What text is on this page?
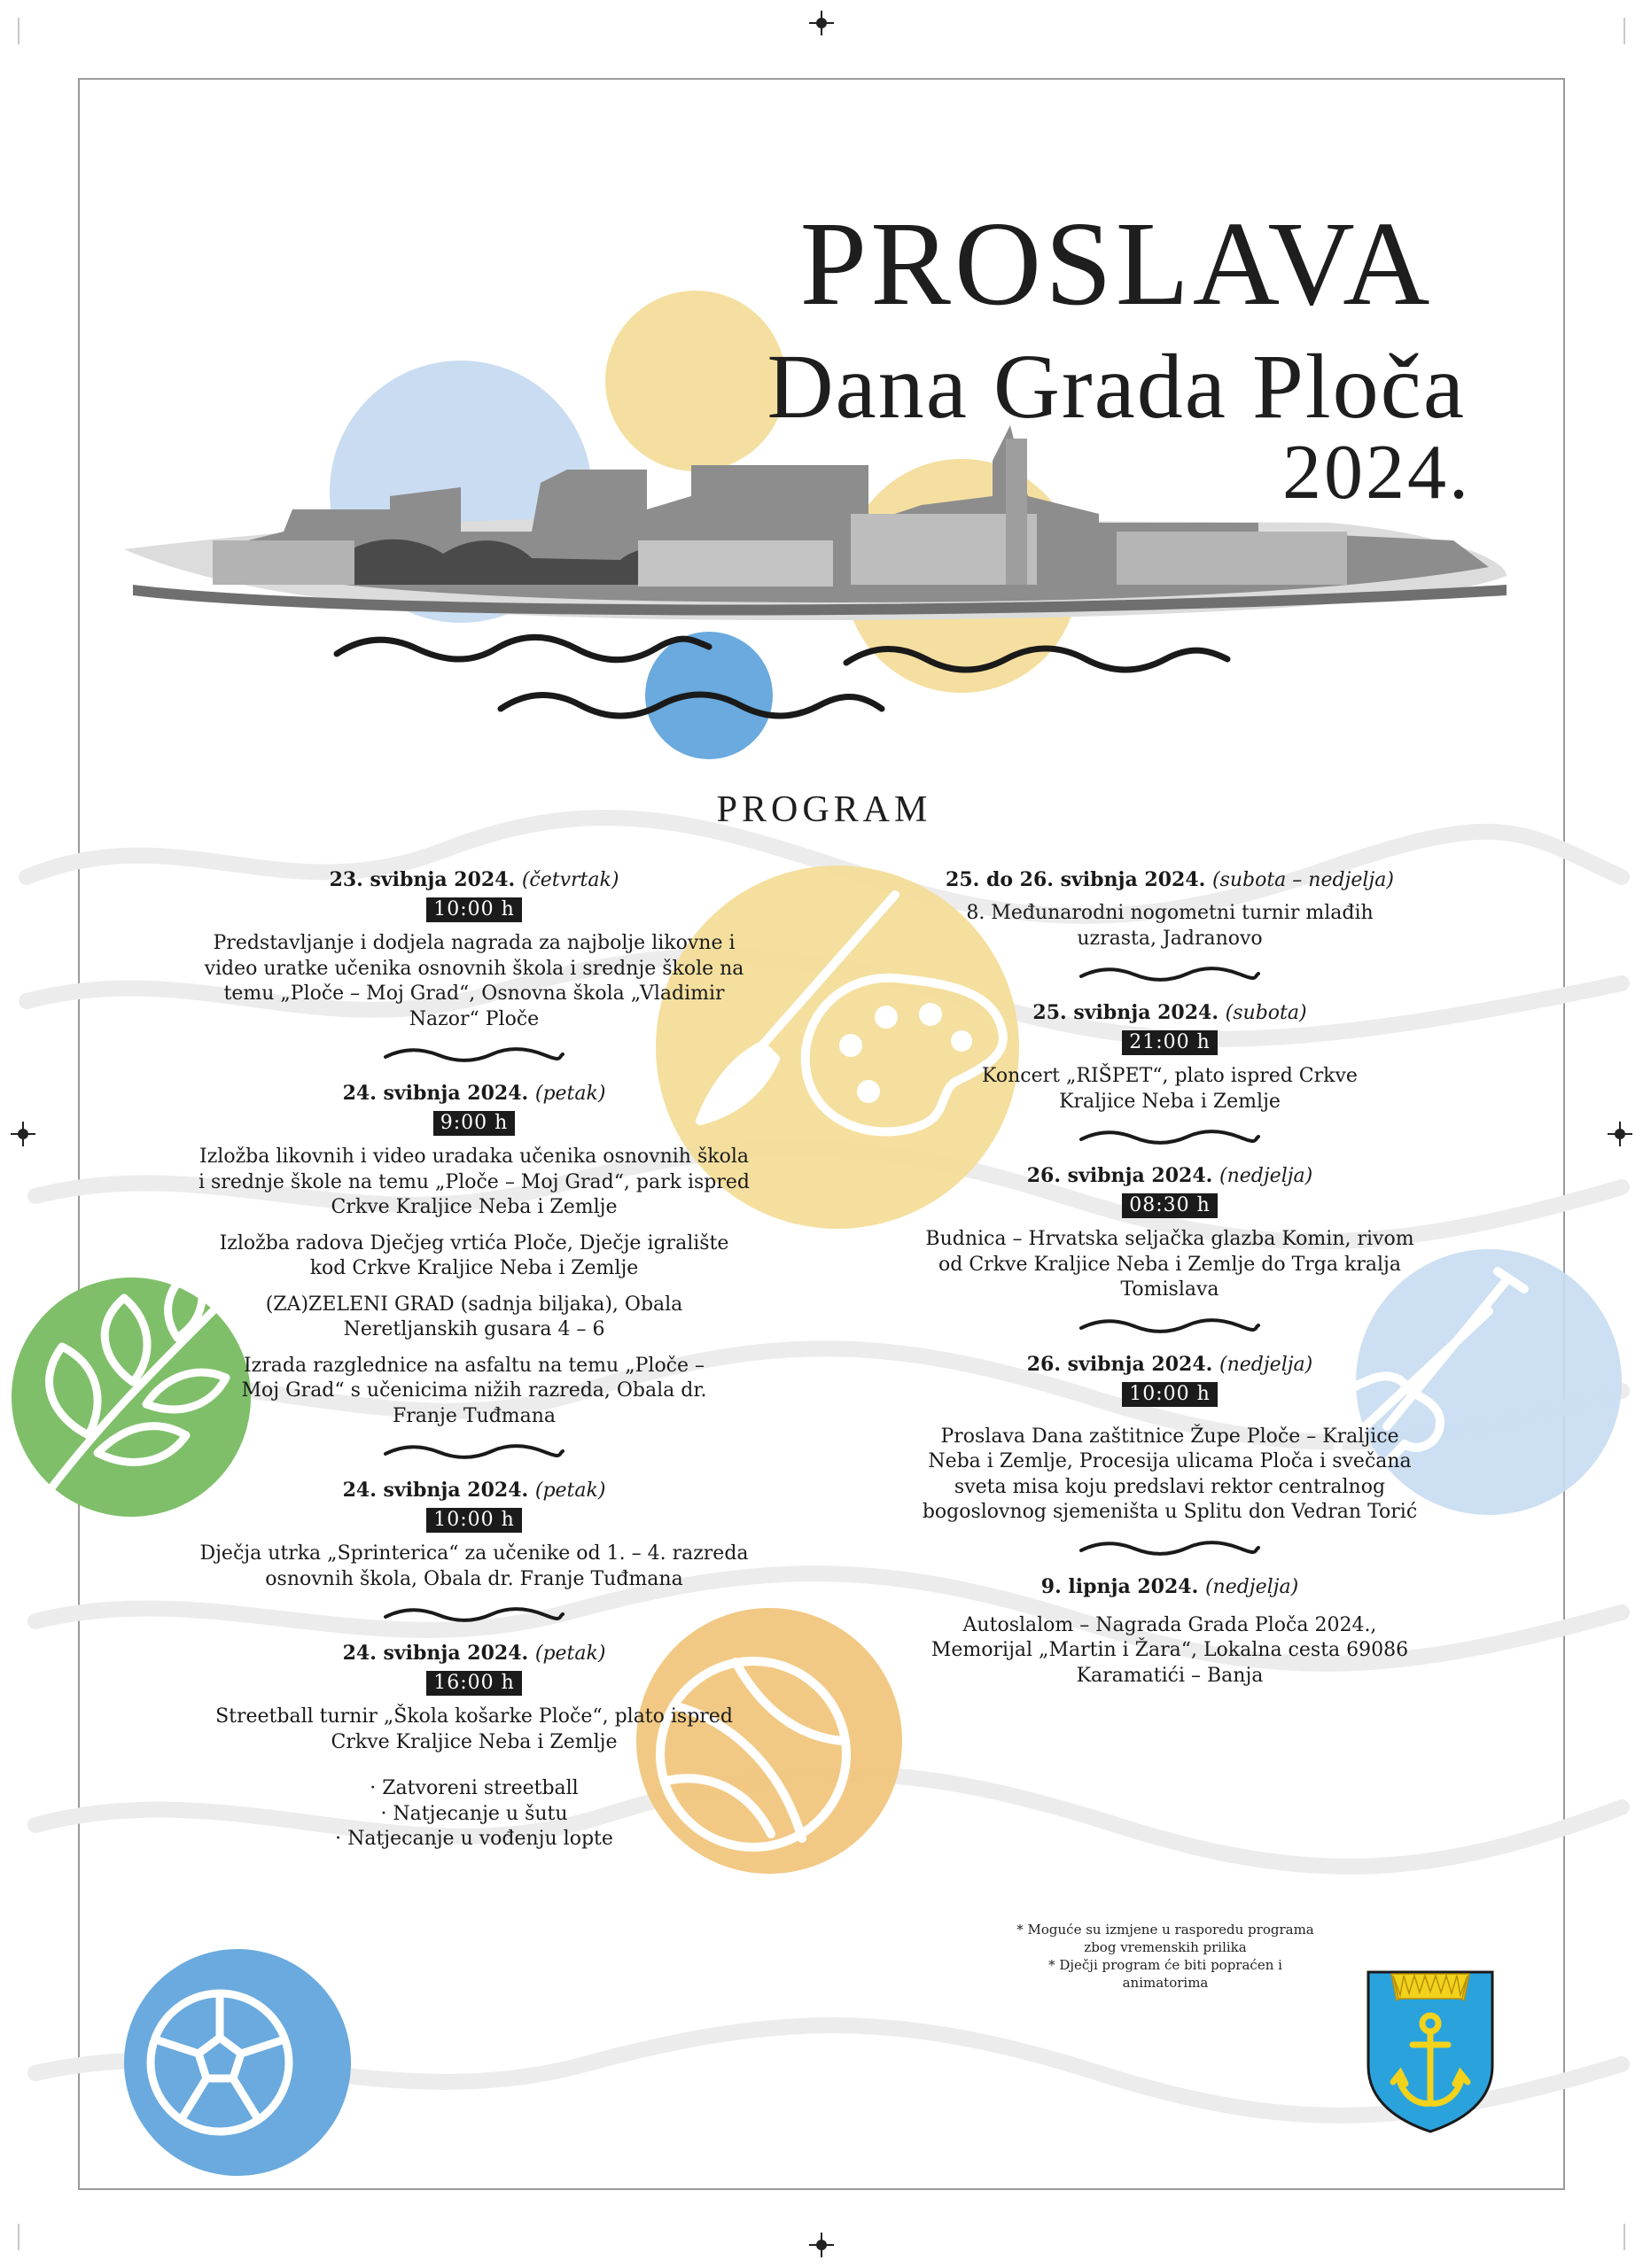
PROSLAVA
Dana Grada Ploča
2024.
PROGRAM
23. svibnja 2024. (četvrtak)
10:00 h
Predstavljanje i dodjela nagrada za najbolje likovne i video uratke učenika osnovnih škola i srednje škole na temu „Ploče – Moj Grad“, Osnovna škola „Vladimir Nazor“ Ploče
24. svibnja 2024. (petak)
9:00 h
Izložba likovnih i video uradaka učenika osnovnih škola i srednje škole na temu „Ploče – Moj Grad“, park ispred Crkve Kraljice Neba i Zemlje
Izložba radova Dječjeg vrtića Ploče, Dječje igralište kod Crkve Kraljice Neba i Zemlje
(ZA)ZELENI GRAD (sadnja biljaka), Obala Neretljanskih gusara 4 – 6
Izrada razglednice na asfaltu na temu „Ploče – Moj Grad“ s učenicima nižih razreda, Obala dr. Franje Tuđmana
24. svibnja 2024. (petak)
10:00 h
Dječja utrka „Sprinterica“ za učenike od 1. – 4. razreda osnovnih škola, Obala dr. Franje Tuđmana
24. svibnja 2024. (petak)
16:00 h
Streetball turnir „Škola košarke Ploče“, plato ispred Crkve Kraljice Neba i Zemlje
· Zatvoreni streetball
· Natjecanje u šutu
· Natjecanje u vođenju lopte
25. do 26. svibnja 2024. (subota – nedjelja)
8. Međunarodni nogometni turnir mlađih uzrasta, Jadranovo
25. svibnja 2024. (subota)
21:00 h
Koncert „RIŠPET“, plato ispred Crkve Kraljice Neba i Zemlje
26. svibnja 2024. (nedjelja)
08:30 h
Budnica – Hrvatska seljačka glazba Komin, rivom od Crkve Kraljice Neba i Zemlje do Trga kralja Tomislava
26. svibnja 2024. (nedjelja)
10:00 h
Proslava Dana zaštitnice Župe Ploče – Kraljice Neba i Zemlje, Procesija ulicama Ploča i svečana sveta misa koju predslavi rektor centralnog bogoslovnog sjemeništa u Splitu don Vedran Torić
9. lipnja 2024. (nedjelja)
Autoslalom – Nagrada Grada Ploča 2024., Memorijal „Martin i Žara“, Lokalna cesta 69086 Karamatići – Banja
* Moguće su izmjene u rasporedu programa zbog vremenskih prilika
* Dječji program će biti popraćen i animatorima
